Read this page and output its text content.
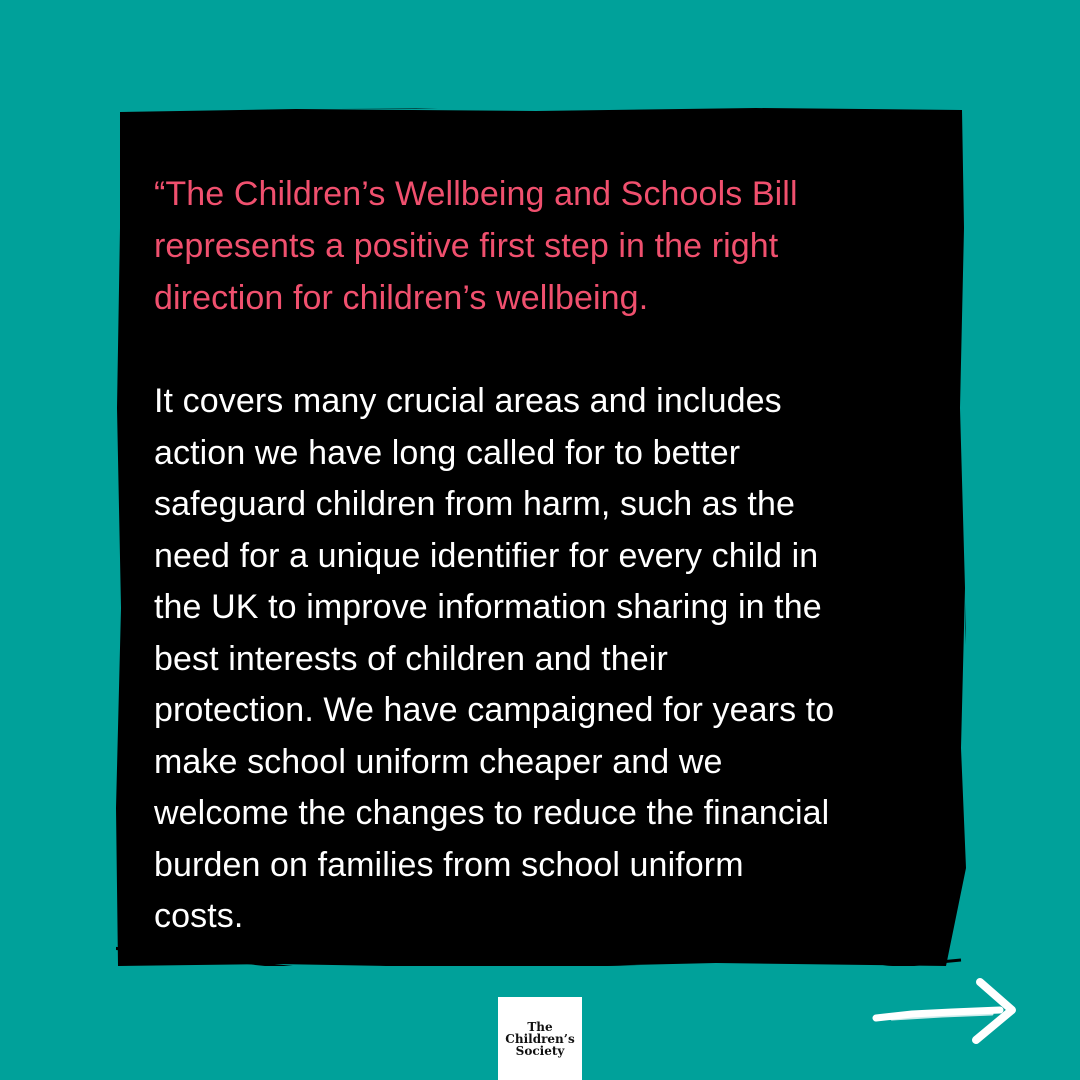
“The Children’s Wellbeing and Schools Bill
represents a positive first step in the right
direction for children’s wellbeing.

It covers many crucial areas and includes
action we have long called for to better
safeguard children from harm, such as the
need for a unique identifier for every child in
the UK to improve information sharing in the
best interests of children and their
protection. We have campaigned for years to
make school uniform cheaper and we
welcome the changes to reduce the financial
burden on families from school uniform
costs.

The
Children’s
Society
